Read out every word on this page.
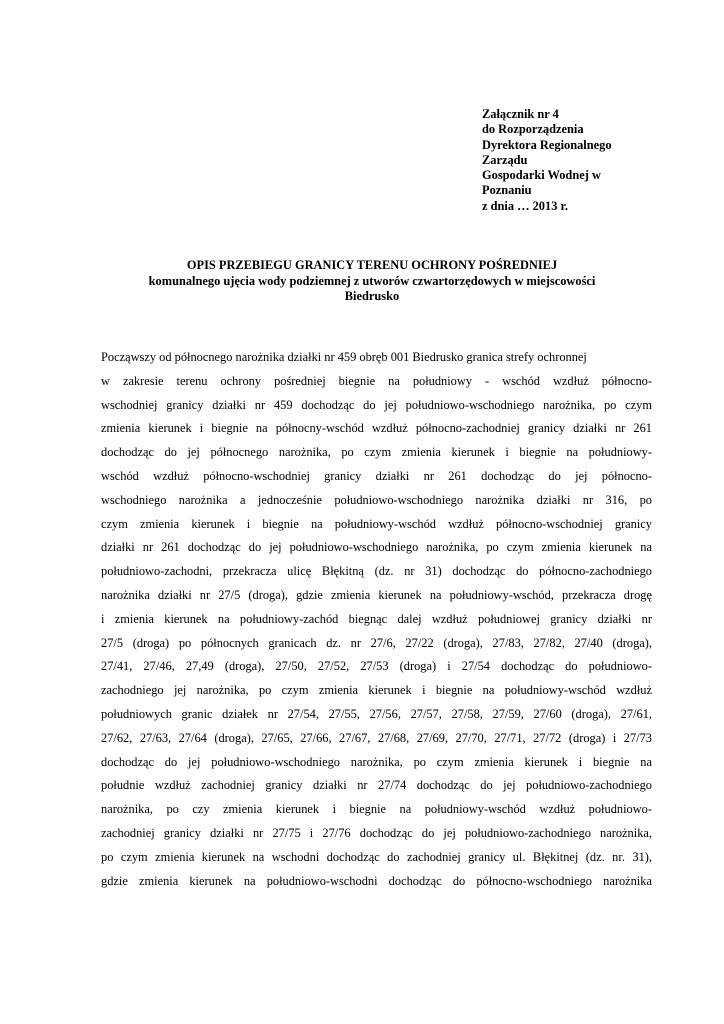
Załącznik nr 4
do Rozporządzenia
Dyrektora Regionalnego
Zarządu
Gospodarki Wodnej w
Poznaniu
z dnia … 2013 r.
OPIS PRZEBIEGU GRANICY TERENU OCHRONY POŚREDNIEJ
komunalnego ujęcia wody podziemnej z utworów czwartorzędowych w miejscowości
Biedrusko
Począwszy od północnego narożnika działki nr 459 obręb 001 Biedrusko granica strefy ochronnej
w zakresie terenu ochrony pośredniej biegnie na południowy - wschód wzdłuż północno-
wschodniej granicy działki nr 459 dochodząc do jej południowo-wschodniego narożnika, po czym
zmienia kierunek i biegnie na północny-wschód wzdłuż północno-zachodniej granicy działki nr 261
dochodząc do jej północnego narożnika, po czym zmienia kierunek i biegnie na południowy-
wschód wzdłuż północno-wschodniej granicy działki nr 261 dochodząc do jej północno-
wschodniego narożnika a jednocześnie południowo-wschodniego narożnika działki nr 316, po
czym zmienia kierunek i biegnie na południowy-wschód wzdłuż północno-wschodniej granicy
działki nr 261 dochodząc do jej południowo-wschodniego narożnika, po czym zmienia kierunek na
południowo-zachodni, przekracza ulicę Błękitną (dz. nr 31) dochodząc do północno-zachodniego
narożnika działki nr 27/5 (droga), gdzie zmienia kierunek na południowy-wschód, przekracza drogę
i zmienia kierunek na południowy-zachód biegnąc dalej wzdłuż południowej granicy działki nr
27/5 (droga) po północnych granicach dz. nr 27/6, 27/22 (droga), 27/83, 27/82, 27/40 (droga),
27/41, 27/46, 27,49 (droga), 27/50, 27/52, 27/53 (droga) i 27/54 dochodząc do południowo-
zachodniego jej narożnika, po czym zmienia kierunek i biegnie na południowy-wschód wzdłuż
południowych granic działek nr 27/54, 27/55, 27/56, 27/57, 27/58, 27/59, 27/60 (droga), 27/61,
27/62, 27/63, 27/64 (droga), 27/65, 27/66, 27/67, 27/68, 27/69, 27/70, 27/71, 27/72 (droga) i 27/73
dochodząc do jej południowo-wschodniego narożnika, po czym zmienia kierunek i biegnie na
południe wzdłuż zachodniej granicy działki nr 27/74 dochodząc do jej południowo-zachodniego
narożnika, po czy zmienia kierunek i biegnie na południowy-wschód wzdłuż południowo-
zachodniej granicy działki nr 27/75 i 27/76 dochodząc do jej południowo-zachodniego narożnika,
po czym zmienia kierunek na wschodni dochodząc do zachodniej granicy ul. Błękitnej (dz. nr. 31),
gdzie zmienia kierunek na południowo-wschodni dochodząc do północno-wschodniego narożnika
